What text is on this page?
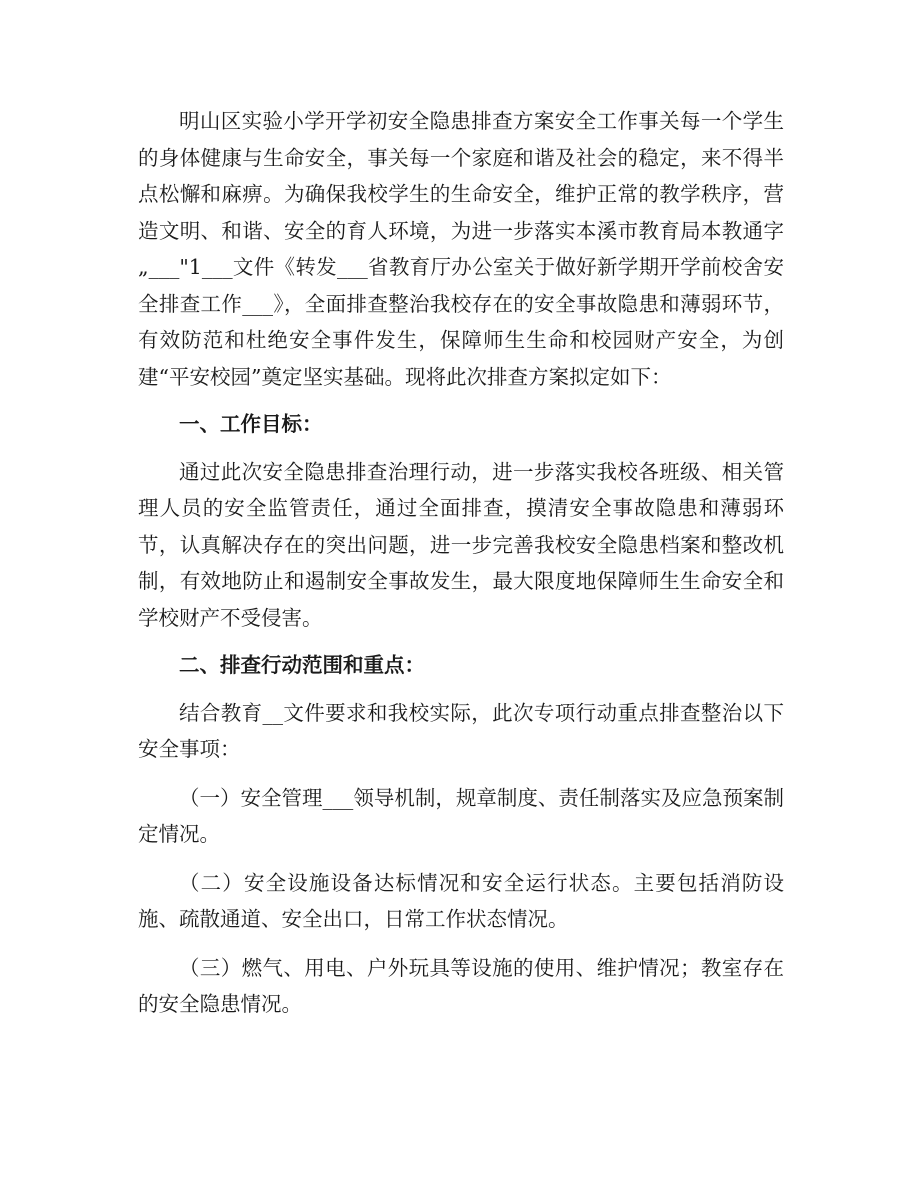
明山区实验小学开学初安全隐患排查方案安全工作事关每一个学生的身体健康与生命安全，事关每一个家庭和谐及社会的稳定，来不得半点松懈和麻痹。为确保我校学生的生命安全，维护正常的教学秩序，营造文明、和谐、安全的育人环境，为进一步落实本溪市教育局本教通字„___"1___文件《转发___省教育厅办公室关于做好新学期开学前校舍安全排查工作___》，全面排查整治我校存在的安全事故隐患和薄弱环节，有效防范和杜绝安全事件发生，保障师生生命和校园财产安全，为创建“平安校园”奠定坚实基础。现将此次排查方案拟定如下：

一、工作目标：

通过此次安全隐患排查治理行动，进一步落实我校各班级、相关管理人员的安全监管责任，通过全面排查，摸清安全事故隐患和薄弱环节，认真解决存在的突出问题，进一步完善我校安全隐患档案和整改机制，有效地防止和遏制安全事故发生，最大限度地保障师生生命安全和学校财产不受侵害。

二、排查行动范围和重点：

结合教育__文件要求和我校实际，此次专项行动重点排查整治以下安全事项：

（一）安全管理___领导机制，规章制度、责任制落实及应急预案制定情况。

（二）安全设施设备达标情况和安全运行状态。主要包括消防设施、疏散通道、安全出口，日常工作状态情况。

（三）燃气、用电、户外玩具等设施的使用、维护情况；教室存在的安全隐患情况。
